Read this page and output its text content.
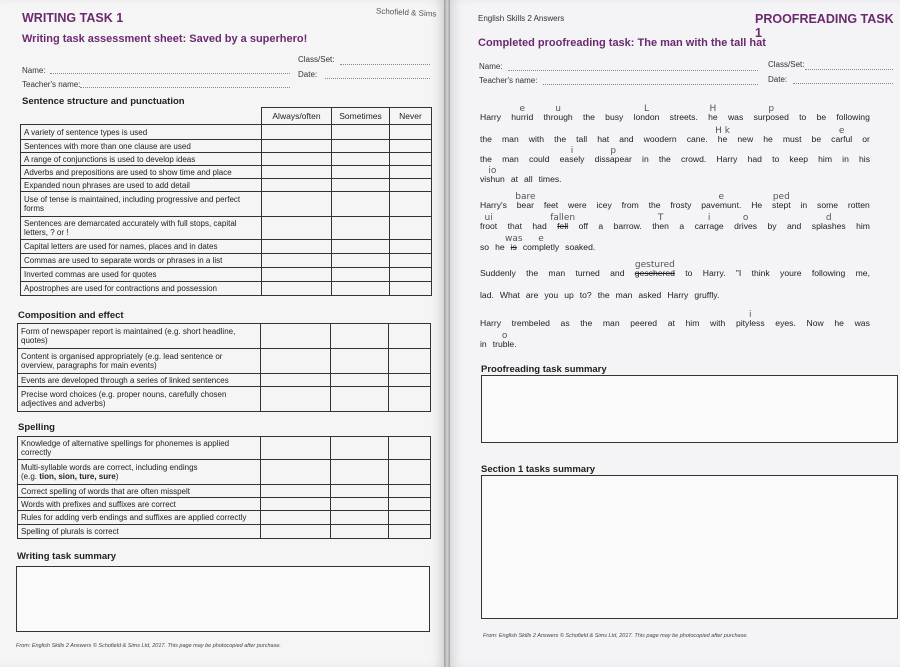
WRITING TASK 1	Schofield & Sims
Writing task assessment sheet: Saved by a superhero!
Name:
Class/Set:
Teacher's name:
Date:
Sentence structure and punctuation
	Always/often	Sometimes	Never
A variety of sentence types is used			
Sentences with more than one clause are used			
A range of conjunctions is used to develop ideas			
Adverbs and prepositions are used to show time and place			
Expanded noun phrases are used to add detail			
Use of tense is maintained, including progressive and perfect forms			
Sentences are demarcated accurately with full stops, capital letters, ? or !			
Capital letters are used for names, places and in dates			
Commas are used to separate words or phrases in a list			
Inverted commas are used for quotes			
Apostrophes are used for contractions and possession			
Composition and effect
Form of newspaper report is maintained (e.g. short headline, quotes)			
Content is organised appropriately (e.g. lead sentence or overview, paragraphs for main events)			
Events are developed through a series of linked sentences			
Precise word choices (e.g. proper nouns, carefully chosen adjectives and adverbs)			
Spelling
Knowledge of alternative spellings for phonemes is applied correctly			
Multi-syllable words are correct, including endings
(e.g. tion, sion, ture, sure)			
Correct spelling of words that are often misspelt			
Words with prefixes and suffixes are correct			
Rules for adding verb endings and suffixes are applied correctly			
Spelling of plurals is correct			
Writing task summary
From: English Skills 2 Answers © Schofield & Sims Ltd, 2017. This page may be photocopied after purchase.
English Skills 2 Answers	PROOFREADING TASK 1
Completed proofreading task: The man with the tall hat
Name:	Class/Set:
Teacher's name:	Date:
Harry hurrid
e
through
u
the busy london
L
streets. he
H
was surposed
p
to be following
the man with the tall hat and woodern cane. he
H k
new he must be carful
e
or
the man could easely
i
dissapear
p
in the crowd. Harry had to keep him in his
vishun
io
at all times.
Harry's bear
bare
feet were icey from the frosty pavemunt.
e
He stept
ped
in some rotten
froot
ui
that had fell
fallen
off a barrow. then
T
a carrage
i
drives
o
by and splashes
d
him
so he is
was
completly
e
soaked.
Suddenly the man turned and geschered
gestured
to Harry. "I think youre following me,
lad. What are you up to? the man asked Harry gruffly.
Harry trembeled as the man peered at him with pityless
i
eyes. Now he was
in truble.
o
Proofreading task summary
Section 1 tasks summary
From: English Skills 2 Answers © Schofield & Sims Ltd, 2017. This page may be photocopied after purchase.
